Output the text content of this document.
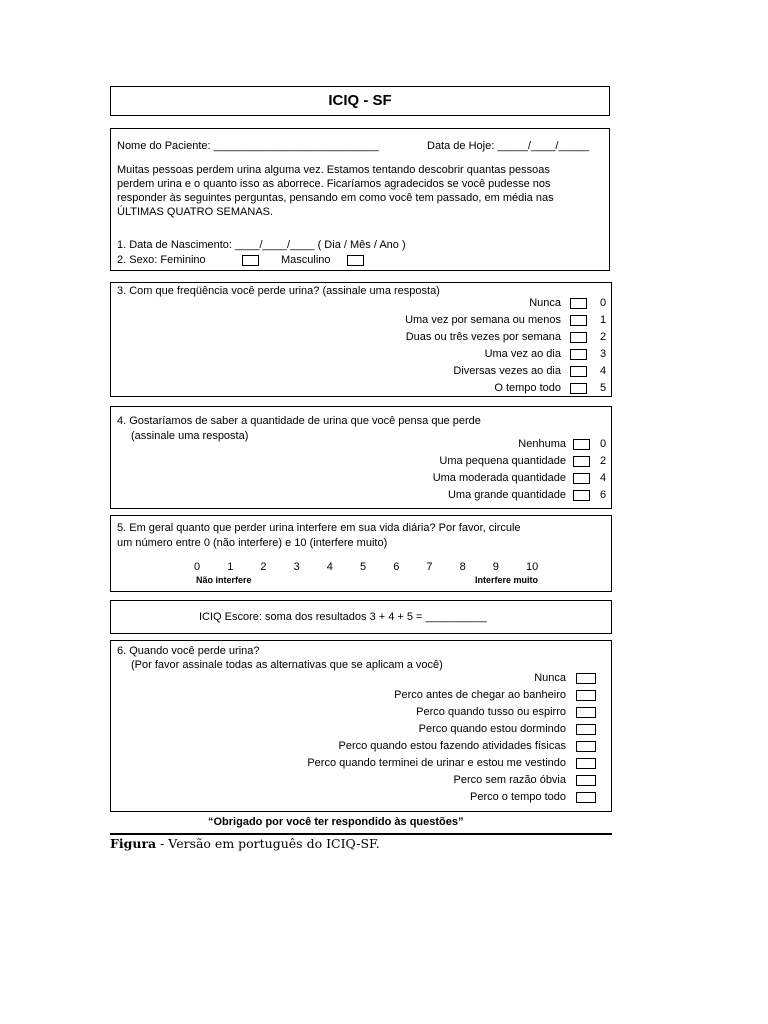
ICIQ - SF
Nome do Paciente: ___________________________	Data de Hoje: _____/____/_____
Muitas pessoas perdem urina alguma vez. Estamos tentando descobrir quantas pessoas
perdem urina e o quanto isso as aborrece. Ficaríamos agradecidos se você pudesse nos
responder às seguintes perguntas, pensando em como você tem passado, em média nas
ÚLTIMAS QUATRO SEMANAS.
1. Data de Nascimento: ____/____/____ ( Dia / Mês / Ano )
2. Sexo: Feminino	Masculino
3. Com que freqüência você perde urina? (assinale uma resposta)
Nunca	0
Uma vez por semana ou menos	1
Duas ou três vezes por semana	2
Uma vez ao dia	3
Diversas vezes ao dia	4
O tempo todo	5
4. Gostaríamos de saber a quantidade de urina que você pensa que perde
(assinale uma resposta)
Nenhuma	0
Uma pequena quantidade	2
Uma moderada quantidade	4
Uma grande quantidade	6
5. Em geral quanto que perder urina interfere em sua vida diária? Por favor, circule
um número entre 0 (não interfere) e 10 (interfere muito)
0 1 2 3 4 5 6 7 8 9 10
Não interfere	Interfere muito
ICIQ Escore: soma dos resultados 3 + 4 + 5 = __________
6. Quando você perde urina?
(Por favor assinale todas as alternativas que se aplicam a você)
Nunca
Perco antes de chegar ao banheiro
Perco quando tusso ou espirro
Perco quando estou dormindo
Perco quando estou fazendo atividades físicas
Perco quando terminei de urinar e estou me vestindo
Perco sem razão óbvia
Perco o tempo todo
“Obrigado por você ter respondido às questões”
Figura - Versão em português do ICIQ-SF.
